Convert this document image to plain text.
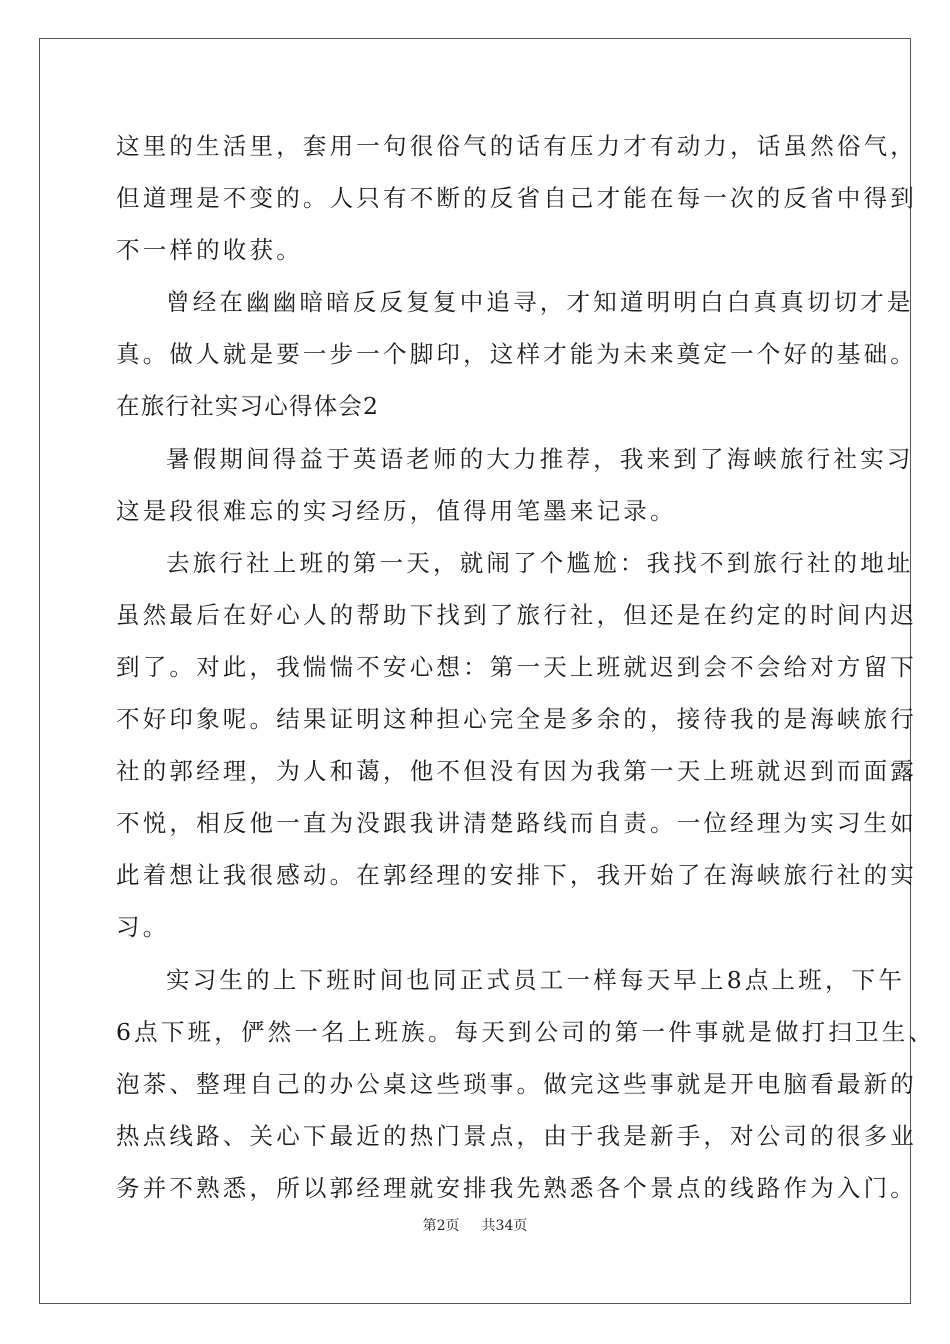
这里的生活里，套用一句很俗气的话有压力才有动力，话虽然俗气，
但道理是不变的。人只有不断的反省自己才能在每一次的反省中得到
不一样的收获。
曾经在幽幽暗暗反反复复中追寻，才知道明明白白真真切切才是
真。做人就是要一步一个脚印，这样才能为未来奠定一个好的基础。
在旅行社实习心得体会2
暑假期间得益于英语老师的大力推荐，我来到了海峡旅行社实习
这是段很难忘的实习经历，值得用笔墨来记录。
去旅行社上班的第一天，就闹了个尴尬：我找不到旅行社的地址
虽然最后在好心人的帮助下找到了旅行社，但还是在约定的时间内迟
到了。对此，我惴惴不安心想：第一天上班就迟到会不会给对方留下
不好印象呢。结果证明这种担心完全是多余的，接待我的是海峡旅行
社的郭经理，为人和蔼，他不但没有因为我第一天上班就迟到而面露
不悦，相反他一直为没跟我讲清楚路线而自责。一位经理为实习生如
此着想让我很感动。在郭经理的安排下，我开始了在海峡旅行社的实
习。
实习生的上下班时间也同正式员工一样每天早上8点上班，下午
6点下班，俨然一名上班族。每天到公司的第一件事就是做打扫卫生、
泡茶、整理自己的办公桌这些琐事。做完这些事就是开电脑看最新的
热点线路、关心下最近的热门景点，由于我是新手，对公司的很多业
务并不熟悉，所以郭经理就安排我先熟悉各个景点的线路作为入门。
第2页 共34页
